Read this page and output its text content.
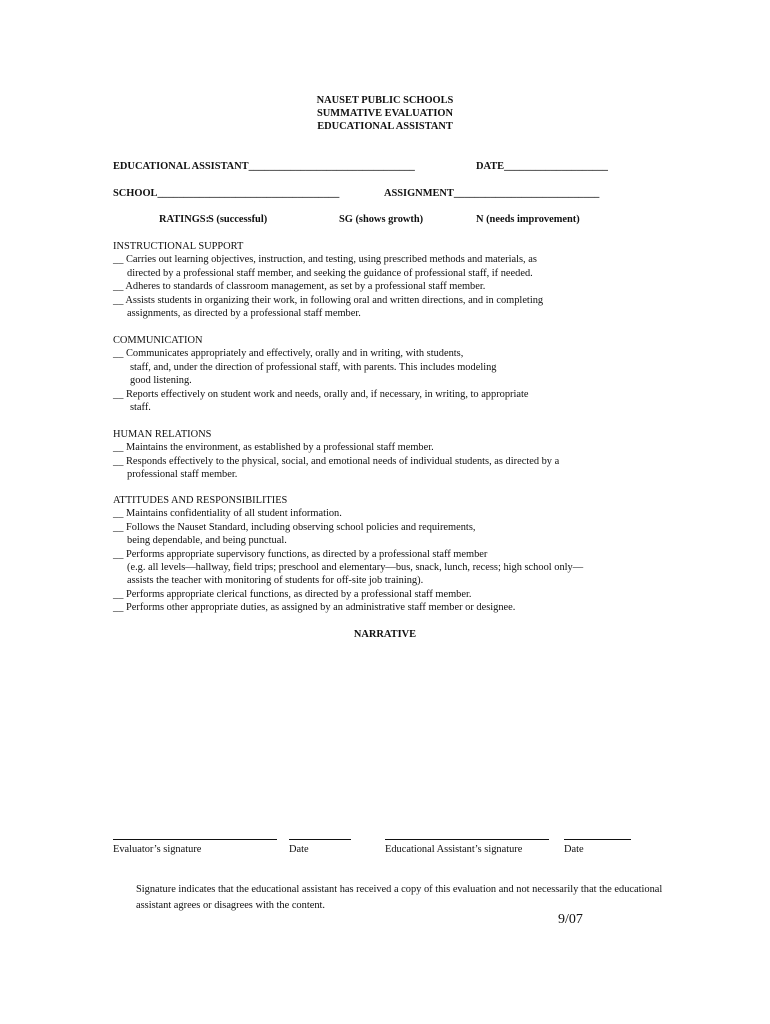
NAUSET PUBLIC SCHOOLS
SUMMATIVE EVALUATION
EDUCATIONAL ASSISTANT
EDUCATIONAL ASSISTANT________________________________	DATE____________________
SCHOOL___________________________________	ASSIGNMENT____________________________
RATINGS:
S (successful)	SG (shows growth)	N (needs improvement)
INSTRUCTIONAL SUPPORT
__ Carries out learning objectives, instruction, and testing, using prescribed methods and materials, as
directed by a professional staff member, and seeking the guidance of professional staff, if needed.
__ Adheres to standards of classroom management, as set by a professional staff member.
__ Assists students in organizing their work, in following oral and written directions, and in completing
assignments, as directed by a professional staff member.
COMMUNICATION
__ Communicates appropriately and effectively, orally and in writing, with students,
staff, and, under the direction of professional staff, with parents. This includes modeling
good listening.
__ Reports effectively on student work and needs, orally and, if necessary, in writing, to appropriate
staff.
HUMAN RELATIONS
__ Maintains the environment, as established by a professional staff member.
__ Responds effectively to the physical, social, and emotional needs of individual students, as directed by a
professional staff member.
ATTITUDES AND RESPONSIBILITIES
__ Maintains confidentiality of all student information.
__ Follows the Nauset Standard, including observing school policies and requirements,
being dependable, and being punctual.
__ Performs appropriate supervisory functions, as directed by a professional staff member
(e.g. all levels—hallway, field trips; preschool and elementary—bus, snack, lunch, recess; high school only—
assists the teacher with monitoring of students for off-site job training).
__ Performs appropriate clerical functions, as directed by a professional staff member.
__ Performs other appropriate duties, as assigned by an administrative staff member or designee.
NARRATIVE
Evaluator’s signature	Date	Educational Assistant’s signature	Date
Signature indicates that the educational assistant has received a copy of this evaluation and not necessarily that the educational assistant agrees or disagrees with the content.
9/07
